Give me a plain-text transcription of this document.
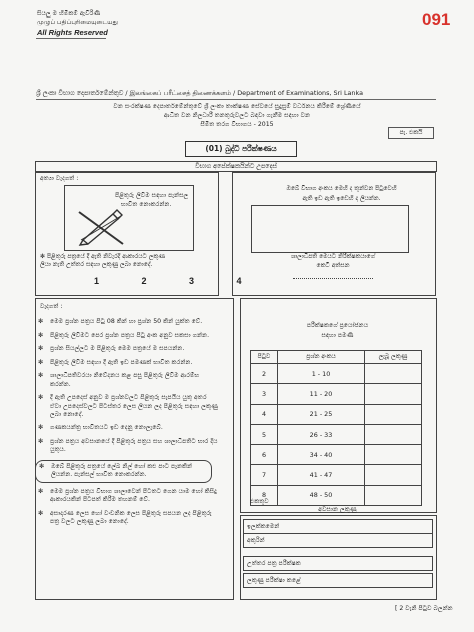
091
සියලු ම හිමිකම් ඇවිරිණි
முழுப் பதிப்புரிமையுடையது
All Rights Reserved
ශ්‍රී ලංකා විභාග දෙපාර්තමේන්තුව / இலங்கைப் பரீட்சைத் திணைக்களம் / Department of Examinations, Sri Lanka
වන සංරක්ෂණ දෙපාර්තමේන්තුවේ ශ්‍රී ලංකා තාක්ෂණ සේවයේ සුදුසුම් වර්ධනය කිරීමේ ශ්‍රේණියේ
ආධිත වන නිලධාරී තනතුරුවලට බඳවා ගැනීම සඳහා වන
සීමිත තරග විභාගය - 2015
පැ. එකයි
(01) බුද්ධි පරීක්ෂණය
විභාග අපේක්ෂකයින්ට උපදෙස්
අත්‍යා වැදගත් :
පිළිතුරු ලිවීම සඳහා පැන්සල
භාවිත නොකරන්න.
✻ පිළිතුරු පත්‍රයේ දී ඇති නිවැරදි ආකාරයට ලකුණ
ලියා නැති උත්තර සඳහා ලකුණු ලබා නොදේ.
1 2 3 4
ඔබේ විභාග අංකය මෙහි ද තුන්වන පිටුවෙහි
ඇති ඉඩ ඇති ඉඩෙහි ද ලියන්න.
ශාලාධිපති මෙයට නිරීක්ෂකයාගේ
කෙටි අත්සන
වැදගත් :
✻	මෙම ප්‍රශ්න පත්‍රය පිටු 08 කින් හා ප්‍රශ්න 50 කින් යුක්ත වේ.
✻	පිළිතුරු ලිවීමට පෙර ප්‍රශ්න පත්‍රය පිටු අංක අනුව සකසා ගන්න.
✻	ප්‍රශ්න සියල්ලට ම පිළිතුරු මෙම පත්‍රයේ ම සපයන්න.
✻	පිළිතුරු ලිවීම සඳහා දී ඇති ඉඩ පමණක් භාවිත කරන්න.
✻	ශාලාධිපතිවරයා නිවේදනය කළ පසු පිළිතුරු ලිවීම ආරම්භ කරන්න.
✻	දී ඇති උපදෙස් අනුව ම ප්‍රශ්නවලට පිළිතුරු සැපයිය යුතු අතර ඒවා උපදෙස්වලට පිටස්තර ලෙස ලියන ලද පිළිතුරු සඳහා ලකුණු ලබා නොදේ.
✻	ගණකයන්ත්‍ර භාවිතයට ඉඩ දෙනු නොලැබේ.
✻	ප්‍රශ්න පත්‍රය අවසානයේ දී පිළිතුරු පත්‍රය සහ ශාලාධිපතිට භාර දිය යුතුය.
✻	ඔබේ පිළිතුරු පත්‍රයේ ලේඛ නිල් හෝ කළු පාට පෑනකින් ලියන්න. පැන්සල් භාවිත නොකරන්න.
✻	මෙම ප්‍රශ්න පත්‍රය විභාග ශාලාවෙන් පිටතට ගෙන යාම හෝ කිසිදු ආකාරයකින් පිටපත් කිරීම තහනම් වේ.
✻	අසාදාරණ ලෙස හෝ වංචනික ලෙස පිළිතුරු සපයන ලද පිළිතුරු පත්‍ර වලට ලකුණු ලබා නොදේ.
පරීක්ෂකගේ ප්‍රයෝජනය
සඳහා පමණි
පිටුව	ප්‍රශ්න අංකය	ලැබූ ලකුණු
2	1 - 10	
3	11 - 20	
4	21 - 25	
5	26 - 33	
6	34 - 40	
7	41 - 47	
8	48 - 50	
එකතුව
අවසාන ලකුණු
ඉලක්කමෙන්
අකුරින්
උත්තර පත්‍ර පරීක්ෂක
ලකුණු පරීක්ෂා කළේ
[ 2 වැනි පිටුව බලන්න
